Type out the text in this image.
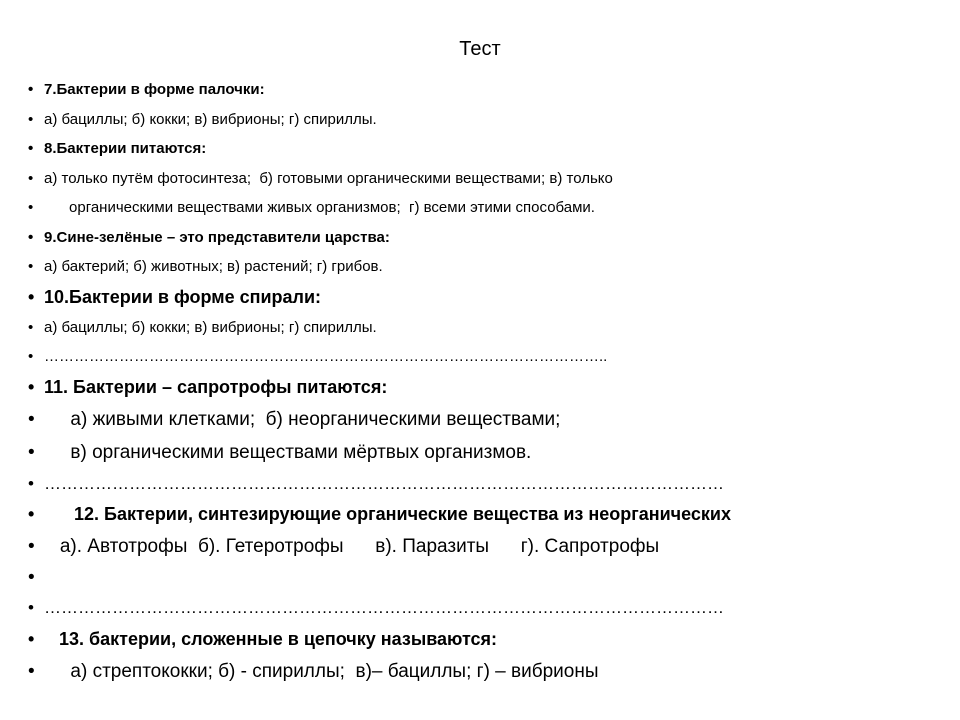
Тест
• 7.Бактерии в форме палочки:
• а) бациллы; б) кокки; в) вибрионы; г) спириллы.
• 8.Бактерии питаются:
• а) только путём фотосинтеза;  б) готовыми органическими веществами; в) только
•      органическими веществами живых организмов;  г) всеми этими способами.
• 9.Сине-зелёные – это представители царства:
• а) бактерий; б) животных; в) растений; г) грибов.
• 10.Бактерии в форме спирали:
• а) бациллы; б) кокки; в) вибрионы; г) спириллы.
• …………………………………………………………………………………………………..
• 11. Бактерии – сапротрофы питаются:
•     а) живыми клетками;  б) неорганическими веществами;
•     в) органическими веществами мёртвых организмов.
• …………………………………………………………………………………………………………
•      12. Бактерии, синтезирующие органические вещества из неорганических
•   а). Автотрофы  б). Гетеротрофы      в). Паразиты      г). Сапротрофы
•
• …………………………………………………………………………………………………………
•   13. бактерии, сложенные в цепочку называются:
•     а) стрептококки; б) - спириллы;  в)– бациллы; г) – вибрионы
